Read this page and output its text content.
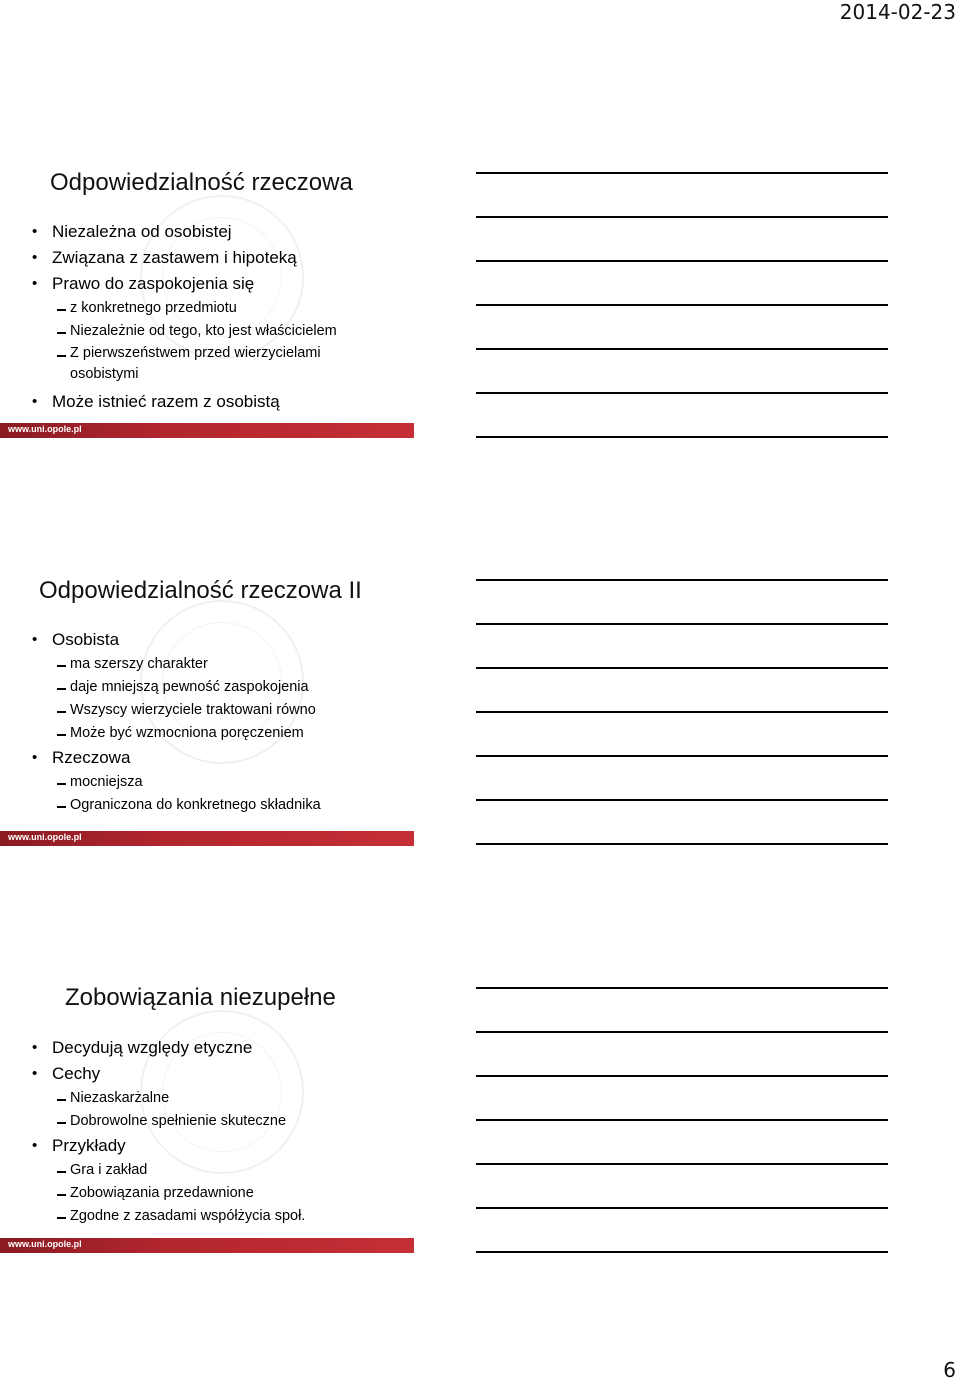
2014-02-23
Odpowiedzialność rzeczowa
• Niezależna od osobistej
• Związana z zastawem i hipoteką
• Prawo do zaspokojenia się
z konkretnego przedmiotu
Niezależnie od tego, kto jest właścicielem
Z pierwszeństwem przed wierzycielami osobistymi
• Może istnieć razem z osobistą
www.uni.opole.pl
Odpowiedzialność rzeczowa II
• Osobista
ma szerszy charakter
daje mniejszą pewność zaspokojenia
Wszyscy wierzyciele traktowani równo
Może być wzmocniona poręczeniem
• Rzeczowa
mocniejsza
Ograniczona do konkretnego składnika
www.uni.opole.pl
Zobowiązania niezupełne
• Decydują względy etyczne
• Cechy
Niezaskarżalne
Dobrowolne spełnienie skuteczne
• Przykłady
Gra i zakład
Zobowiązania przedawnione
Zgodne z zasadami współżycia społ.
www.uni.opole.pl
6
